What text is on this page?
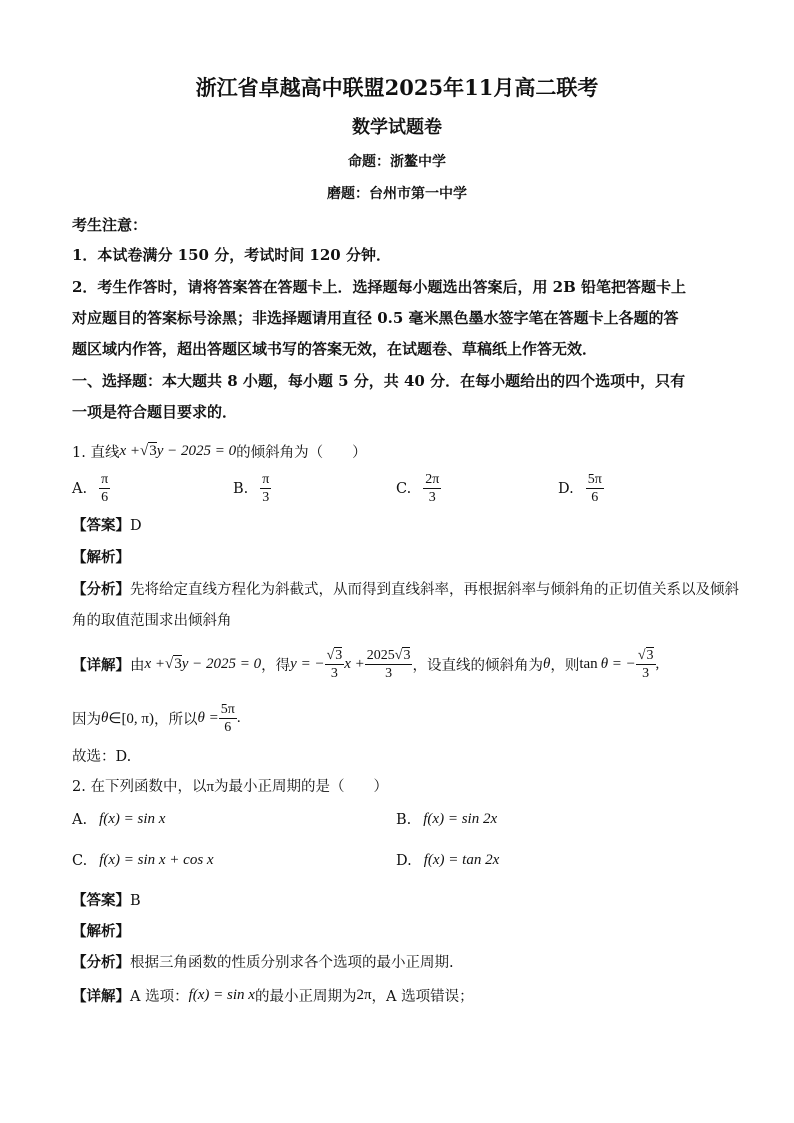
浙江省卓越高中联盟2025年11月高二联考
数学试题卷
命题：浙鳌中学
磨题：台州市第一中学
考生注意：
1．本试卷满分 150 分，考试时间 120 分钟．
2．考生作答时，请将答案答在答题卡上．选择题每小题选出答案后，用 2B 铅笔把答题卡上
对应题目的答案标号涂黑；非选择题请用直径 0.5 毫米黑色墨水签字笔在答题卡上各题的答
题区域内作答，超出答题区域书写的答案无效，在试题卷、草稿纸上作答无效．
一、选择题：本大题共 8 小题，每小题 5 分，共 40 分．在每小题给出的四个选项中，只有
一项是符合题目要求的．
1. 直线 x + √ 3 y − 2025 = 0 的倾斜角为（　　）
A. $\frac{\pi}{6}$	B. $\frac{\pi}{3}$	C. $\frac{2\pi}{3}$	D. $\frac{5\pi}{6}$
【答案】D
【解析】
【分析】先将给定直线方程化为斜截式，从而得到直线斜率，再根据斜率与倾斜角的正切值关系以及倾斜
角的取值范围求出倾斜角
【详解】 由 x + √ 3 y − 2025 = 0 ，得 y = − $\frac{√3}{3}$ $x + \frac{2025√3}{3}$ ，设直线的倾斜角为 θ ，则 tan θ = − $\frac{√3}{3}$ ,
因为 θ ∈[0, π) ，所以 $\theta = \frac{5\pi}{6}$ .
故选：D.
2. 在下列函数中，以π为最小正周期的是（　　）
A. f(x) = sin x	B. f(x) = sin 2x
C. f(x) = sin x + cos x	D. f(x) = tan 2x
【答案】B
【解析】
【分析】根据三角函数的性质分别求各个选项的最小正周期.
【详解】 A 选项： f(x) = sin x 的最小正周期为 2π ，A 选项错误；
